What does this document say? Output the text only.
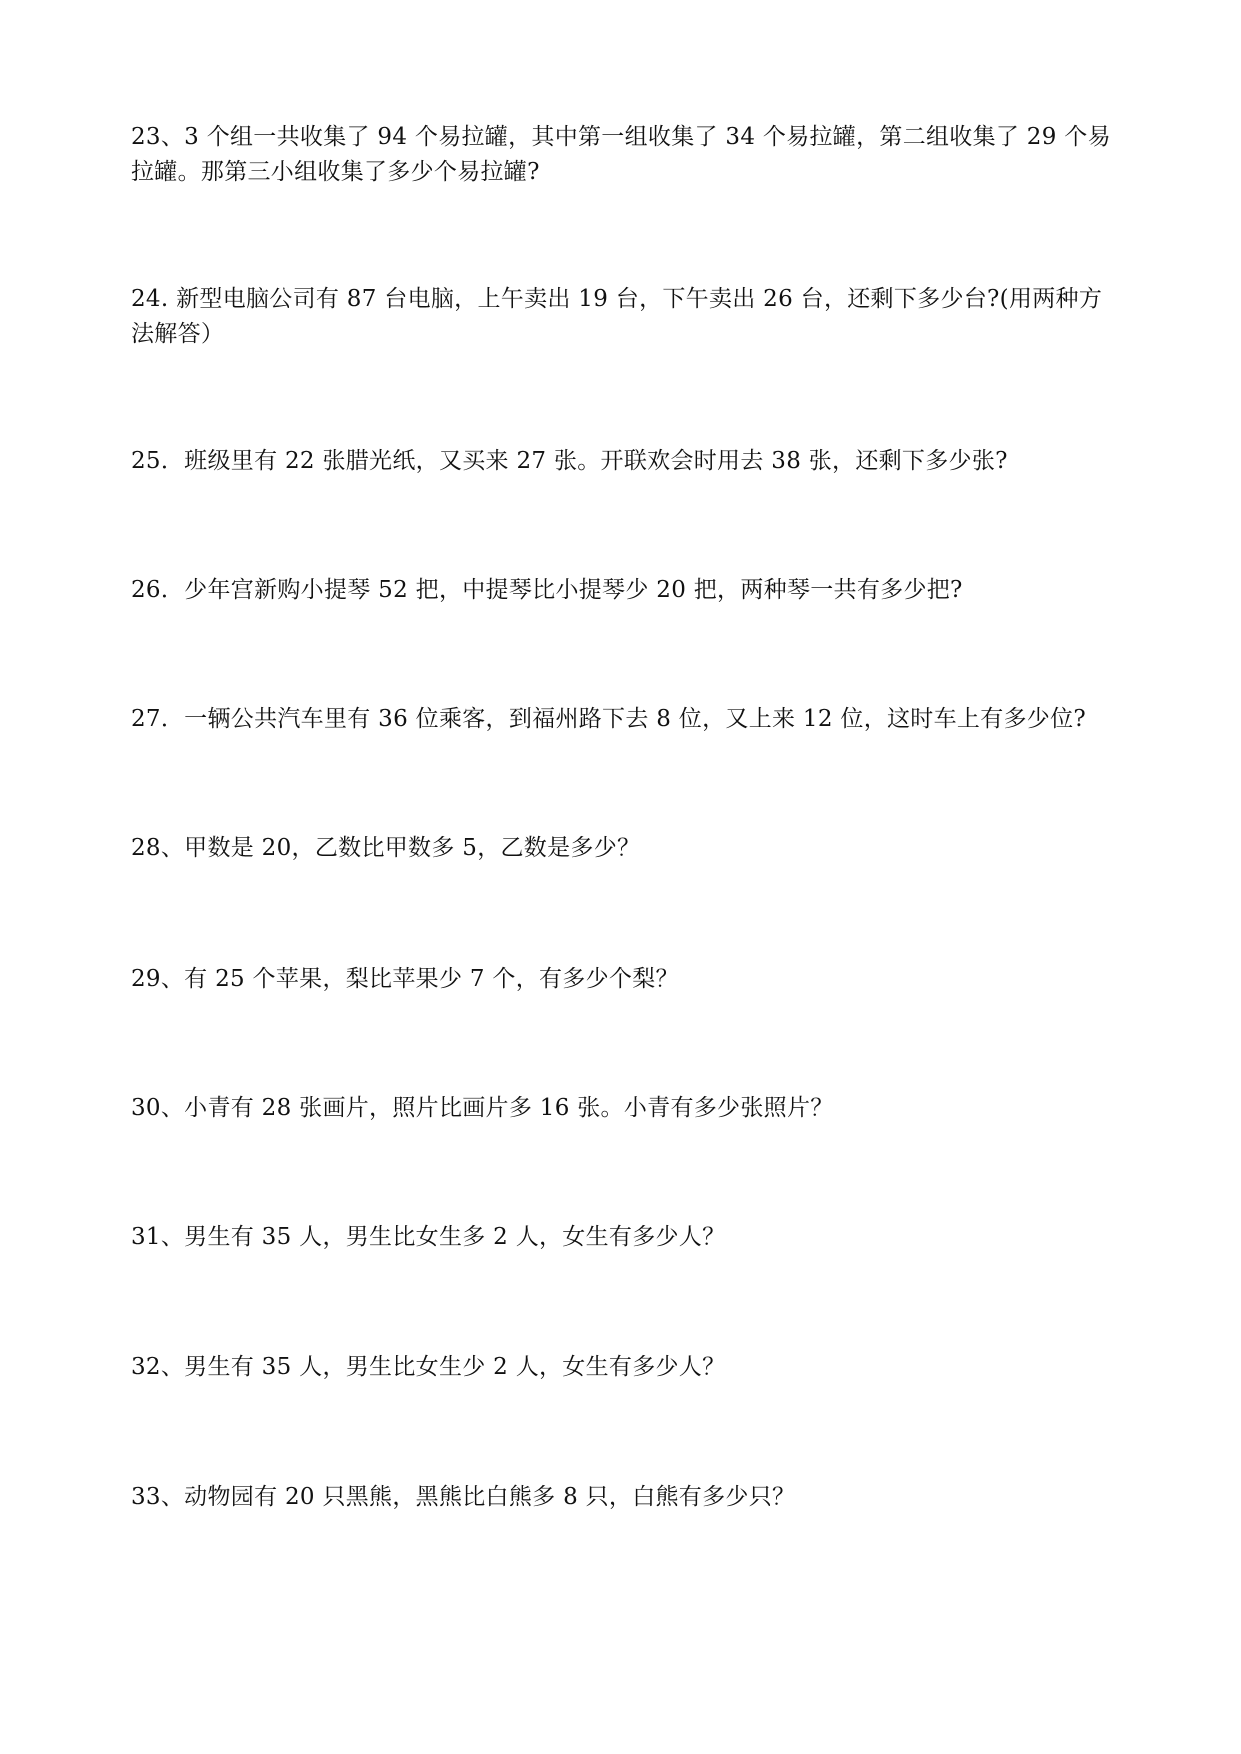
23、3 个组一共收集了 94 个易拉罐，其中第一组收集了 34 个易拉罐，第二组收集了 29 个易
拉罐。那第三小组收集了多少个易拉罐?
24. 新型电脑公司有 87 台电脑，上午卖出 19 台，下午卖出 26 台，还剩下多少台?(用两种方
法解答）
25．班级里有 22 张腊光纸，又买来 27 张。开联欢会时用去 38 张，还剩下多少张?
26．少年宫新购小提琴 52 把，中提琴比小提琴少 20 把，两种琴一共有多少把?
27．一辆公共汽车里有 36 位乘客，到福州路下去 8 位，又上来 12 位，这时车上有多少位?
28、甲数是 20，乙数比甲数多 5，乙数是多少？
29、有 25 个苹果，梨比苹果少 7 个，有多少个梨？
30、小青有 28 张画片，照片比画片多 16 张。小青有多少张照片？
31、男生有 35 人，男生比女生多 2 人，女生有多少人？
32、男生有 35 人，男生比女生少 2 人，女生有多少人？
33、动物园有 20 只黑熊，黑熊比白熊多 8 只，白熊有多少只？
